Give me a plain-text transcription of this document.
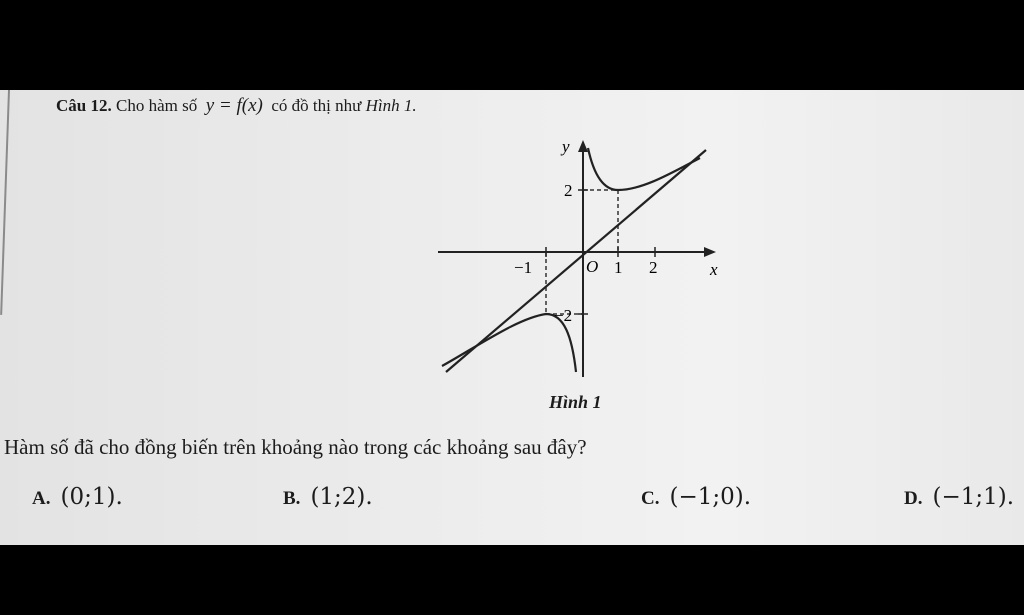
Câu 12. Cho hàm số y = f(x) có đồ thị như Hình 1.
y
x
O
2
−1	1 2
−2
Hình 1
Hàm số đã cho đồng biến trên khoảng nào trong các khoảng sau đây?
A. (0;1).	B. (1;2).	C. (−1;0).	D. (−1;1).
